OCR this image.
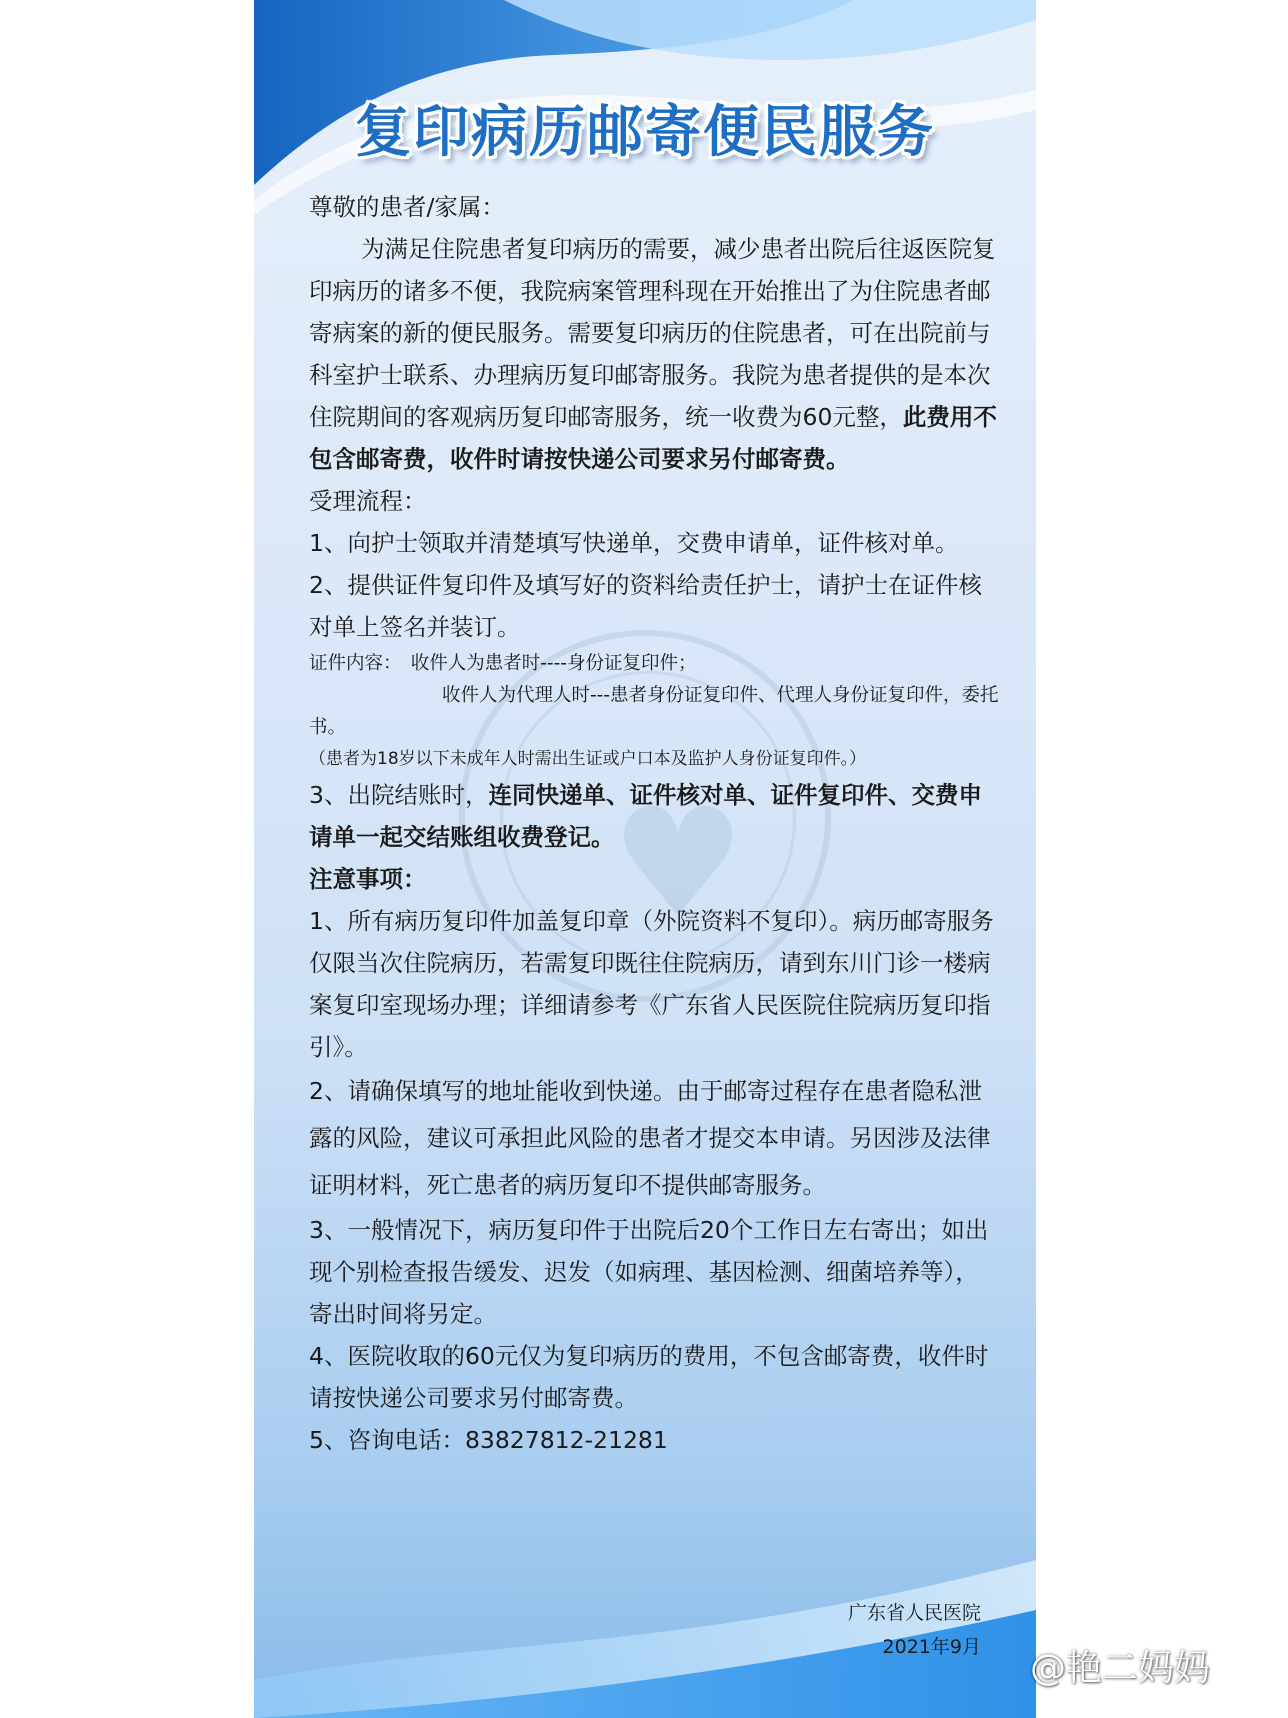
♥
复印病历邮寄便民服务

尊敬的患者/家属：

为满足住院患者复印病历的需要，减少患者出院后往返医院复印病历的诸多不便，我院病案管理科现在开始推出了为住院患者邮寄病案的新的便民服务。需要复印病历的住院患者，可在出院前与科室护士联系、办理病历复印邮寄服务。我院为患者提供的是本次住院期间的客观病历复印邮寄服务，统一收费为60元整，此费用不包含邮寄费，收件时请按快递公司要求另付邮寄费。

受理流程：

1、向护士领取并清楚填写快递单，交费申请单，证件核对单。

2、提供证件复印件及填写好的资料给责任护士，请护士在证件核对单上签名并装订。

证件内容：　收件人为患者时----身份证复印件；

收件人为代理人时---患者身份证复印件、代理人身份证复印件，委托书。

（患者为18岁以下未成年人时需出生证或户口本及监护人身份证复印件。）

3、出院结账时，连同快递单、证件核对单、证件复印件、交费申请单一起交结账组收费登记。

注意事项：

1、所有病历复印件加盖复印章（外院资料不复印）。病历邮寄服务仅限当次住院病历，若需复印既往住院病历，请到东川门诊一楼病案复印室现场办理；详细请参考《广东省人民医院住院病历复印指引》。

2、请确保填写的地址能收到快递。由于邮寄过程存在患者隐私泄露的风险，建议可承担此风险的患者才提交本申请。另因涉及法律证明材料，死亡患者的病历复印不提供邮寄服务。

3、一般情况下，病历复印件于出院后20个工作日左右寄出；如出现个别检查报告缓发、迟发（如病理、基因检测、细菌培养等），寄出时间将另定。

4、医院收取的60元仅为复印病历的费用，不包含邮寄费，收件时请按快递公司要求另付邮寄费。

5、咨询电话：83827812-21281

广东省人民医院
2021年9月
@艳二妈妈
